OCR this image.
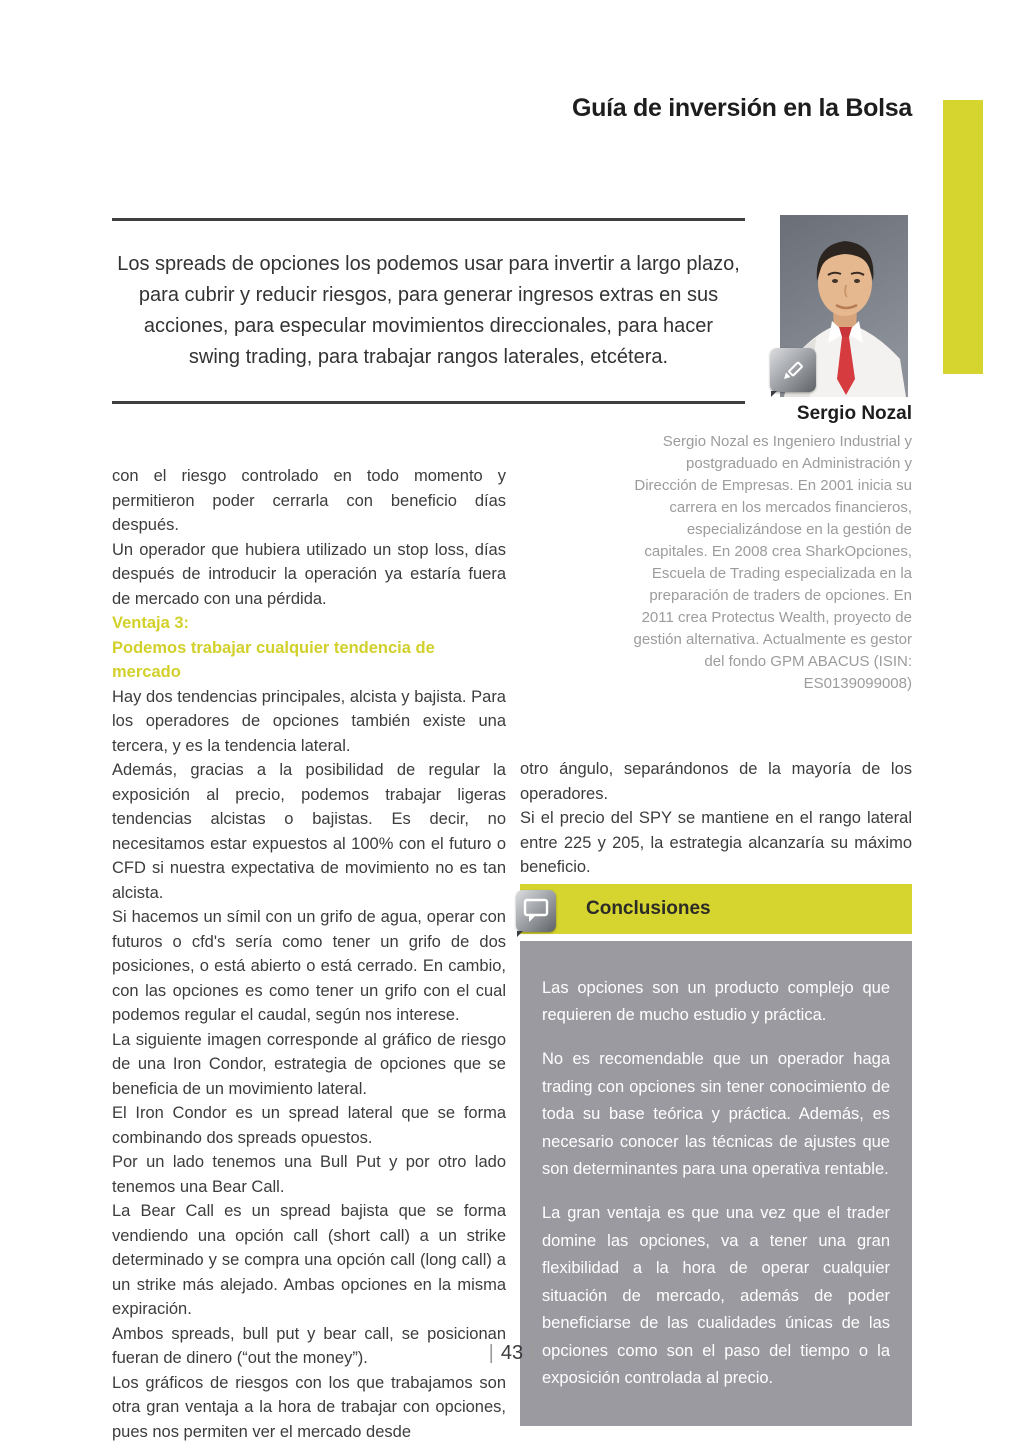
Guía de inversión en la Bolsa

Los spreads de opciones los podemos usar para invertir a largo plazo, para cubrir y reducir riesgos, para generar ingresos extras en sus acciones, para especular movimientos direccionales, para hacer swing trading, para trabajar rangos laterales, etcétera.

Sergio Nozal
Sergio Nozal es Ingeniero Industrial y postgraduado en Administración y Dirección de Empresas. En 2001 inicia su carrera en los mercados financieros, especializándose en la gestión de capitales. En 2008 crea SharkOpciones, Escuela de Trading especializada en la preparación de traders de opciones. En 2011 crea Protectus Wealth, proyecto de gestión alternativa. Actualmente es gestor del fondo GPM ABACUS (ISIN: ES0139099008)

con el riesgo controlado en todo momento y permitieron poder cerrarla con beneficio días después.

Un operador que hubiera utilizado un stop loss, días después de introducir la operación ya estaría fuera de mercado con una pérdida.

Ventaja 3:

Podemos trabajar cualquier tendencia de mercado

Hay dos tendencias principales, alcista y bajista. Para los operadores de opciones también existe una tercera, y es la tendencia lateral.

Además, gracias a la posibilidad de regular la exposición al precio, podemos trabajar ligeras tendencias alcistas o bajistas. Es decir, no necesitamos estar expuestos al 100% con el futuro o CFD si nuestra expectativa de movimiento no es tan alcista.

Si hacemos un símil con un grifo de agua, operar con futuros o cfd's sería como tener un grifo de dos posiciones, o está abierto o está cerrado. En cambio, con las opciones es como tener un grifo con el cual podemos regular el caudal, según nos interese.

La siguiente imagen corresponde al gráfico de riesgo de una Iron Condor, estrategia de opciones que se beneficia de un movimiento lateral.

El Iron Condor es un spread lateral que se forma combinando dos spreads opuestos.

Por un lado tenemos una Bull Put y por otro lado tenemos una Bear Call.

La Bear Call es un spread bajista que se forma vendiendo una opción call (short call) a un strike determinado y se compra una opción call (long call) a un strike más alejado. Ambas opciones en la misma expiración.

Ambos spreads, bull put y bear call, se posicionan fueran de dinero (“out the money”).

Los gráficos de riesgos con los que trabajamos son otra gran ventaja a la hora de trabajar con opciones, pues nos permiten ver el mercado desde

otro ángulo, separándonos de la mayoría de los operadores.

Si el precio del SPY se mantiene en el rango lateral entre 225 y 205, la estrategia alcanzaría su máximo beneficio.

Conclusiones

Las opciones son un producto complejo que requieren de mucho estudio y práctica.

No es recomendable que un operador haga trading con opciones sin tener conocimiento de toda su base teórica y práctica. Además, es necesario conocer las técnicas de ajustes que son determinantes para una operativa rentable.

La gran ventaja es que una vez que el trader domine las opciones, va a tener una gran flexibilidad a la hora de operar cualquier situación de mercado, además de poder beneficiarse de las cualidades únicas de las opciones como son el paso del tiempo o la exposición controlada al precio.

| 43 |
